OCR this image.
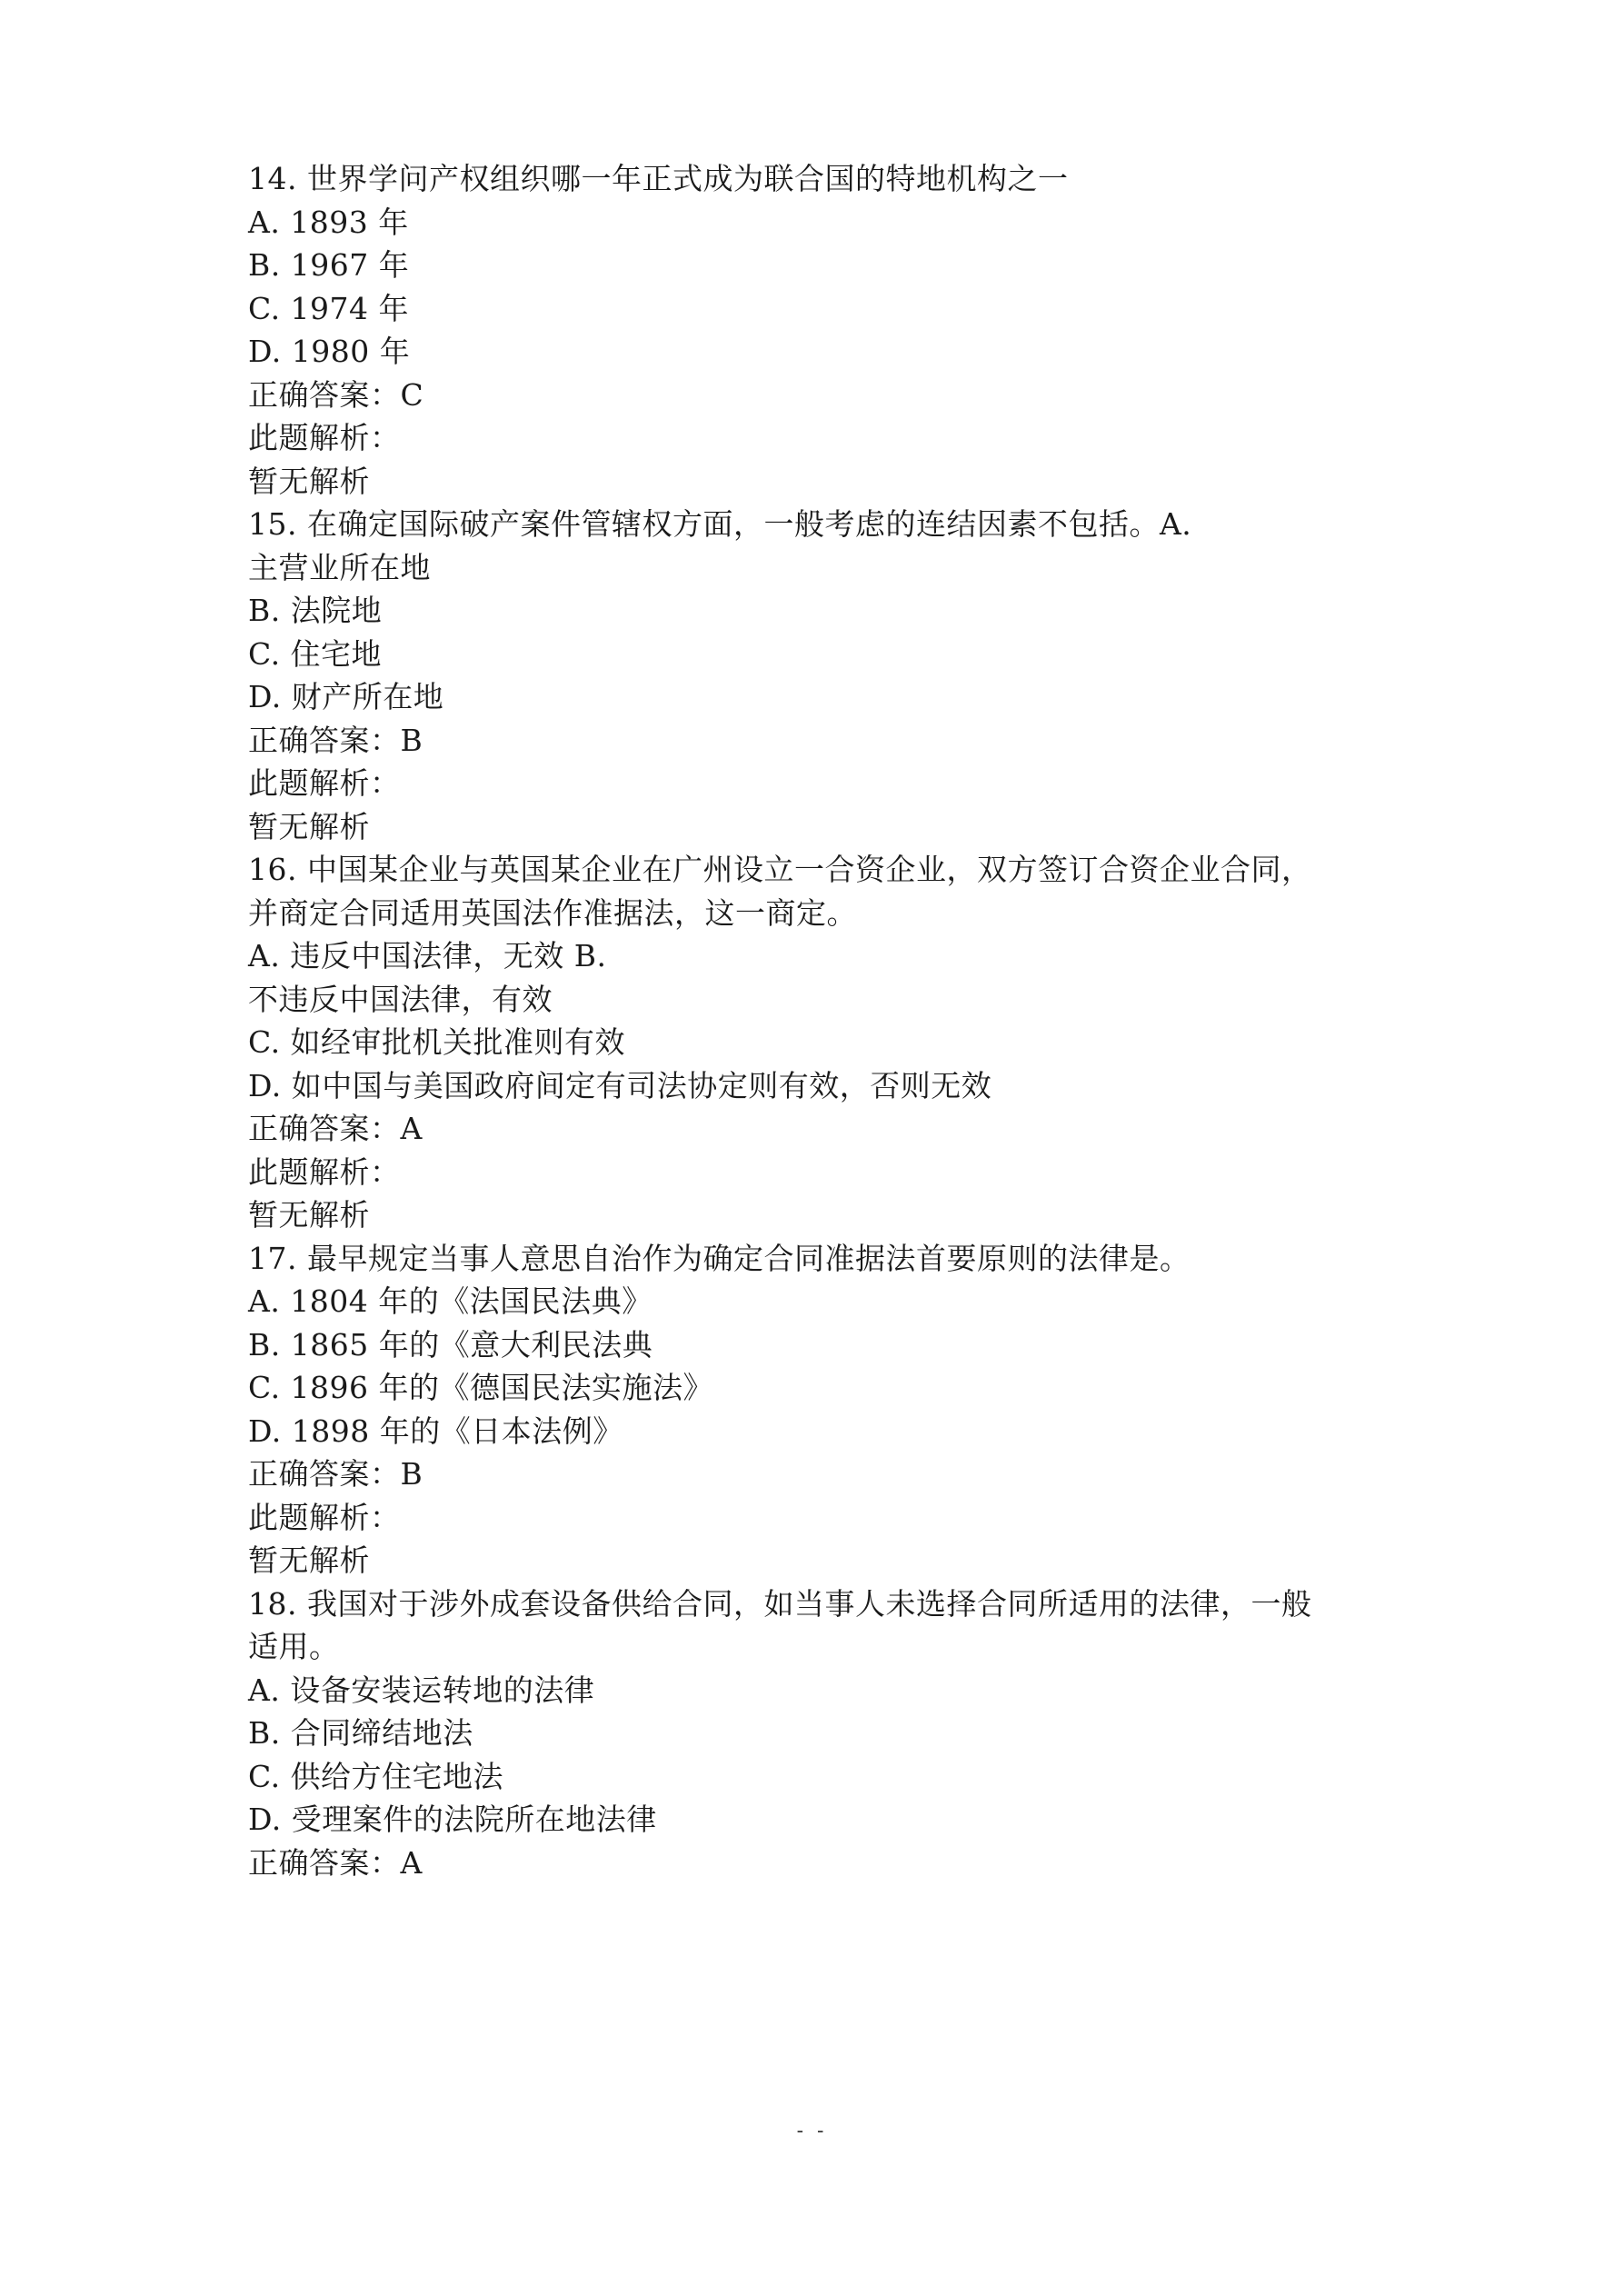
14. 世界学问产权组织哪一年正式成为联合国的特地机构之一
A. 1893 年
B. 1967 年
C. 1974 年
D. 1980 年
正确答案：C
此题解析：
暂无解析
15. 在确定国际破产案件管辖权方面，一般考虑的连结因素不包括。A.
主营业所在地
B. 法院地
C. 住宅地
D. 财产所在地
正确答案：B
此题解析：
暂无解析
16. 中国某企业与英国某企业在广州设立一合资企业，双方签订合资企业合同，
并商定合同适用英国法作准据法，这一商定。
A. 违反中国法律，无效 B.
不违反中国法律，有效
C. 如经审批机关批准则有效
D. 如中国与美国政府间定有司法协定则有效，否则无效
正确答案：A
此题解析：
暂无解析
17. 最早规定当事人意思自治作为确定合同准据法首要原则的法律是。
A. 1804 年的《法国民法典》
B. 1865 年的《意大利民法典
C. 1896 年的《德国民法实施法》
D. 1898 年的《日本法例》
正确答案：B
此题解析：
暂无解析
18. 我国对于涉外成套设备供给合同，如当事人未选择合同所适用的法律，一般
适用。
A. 设备安装运转地的法律
B. 合同缔结地法
C. 供给方住宅地法
D. 受理案件的法院所在地法律
正确答案：A
- -
